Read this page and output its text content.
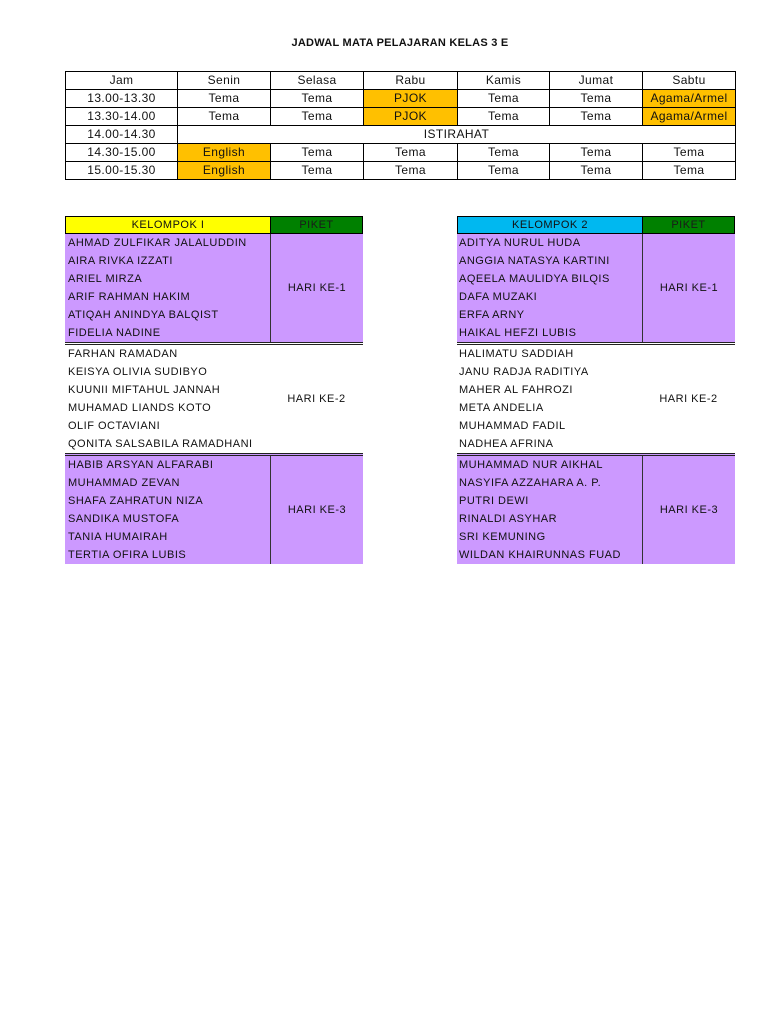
JADWAL MATA PELAJARAN KELAS 3 E
Jam	Senin	Selasa	Rabu	Kamis	Jumat	Sabtu
13.00-13.30	Tema	Tema	PJOK	Tema	Tema	Agama/Armel
13.30-14.00	Tema	Tema	PJOK	Tema	Tema	Agama/Armel
14.00-14.30	ISTIRAHAT					
14.30-15.00	English	Tema	Tema	Tema	Tema	Tema
15.00-15.30	English	Tema	Tema	Tema	Tema	Tema
KELOMPOK I	PIKET
AHMAD ZULFIKAR JALALUDDIN
AIRA RIVKA IZZATI
ARIEL MIRZA
ARIF RAHMAN HAKIM
ATIQAH ANINDYA BALQIST
FIDELIA NADINE
HARI KE-1
FARHAN RAMADAN
KEISYA OLIVIA SUDIBYO
KUUNII MIFTAHUL JANNAH
MUHAMAD LIANDS KOTO
OLIF OCTAVIANI
QONITA SALSABILA RAMADHANI
HARI KE-2
HABIB ARSYAN ALFARABI
MUHAMMAD ZEVAN
SHAFA ZAHRATUN NIZA
SANDIKA MUSTOFA
TANIA HUMAIRAH
TERTIA OFIRA LUBIS
HARI KE-3
KELOMPOK 2	PIKET
ADITYA NURUL HUDA
ANGGIA NATASYA KARTINI
AQEELA MAULIDYA BILQIS
DAFA MUZAKI
ERFA ARNY
HAIKAL HEFZI LUBIS
HARI KE-1
HALIMATU SADDIAH
JANU RADJA RADITIYA
MAHER AL FAHROZI
META ANDELIA
MUHAMMAD FADIL
NADHEA AFRINA
HARI KE-2
MUHAMMAD NUR AIKHAL
NASYIFA AZZAHARA A. P.
PUTRI DEWI
RINALDI ASYHAR
SRI KEMUNING
WILDAN KHAIRUNNAS FUAD
HARI KE-3
